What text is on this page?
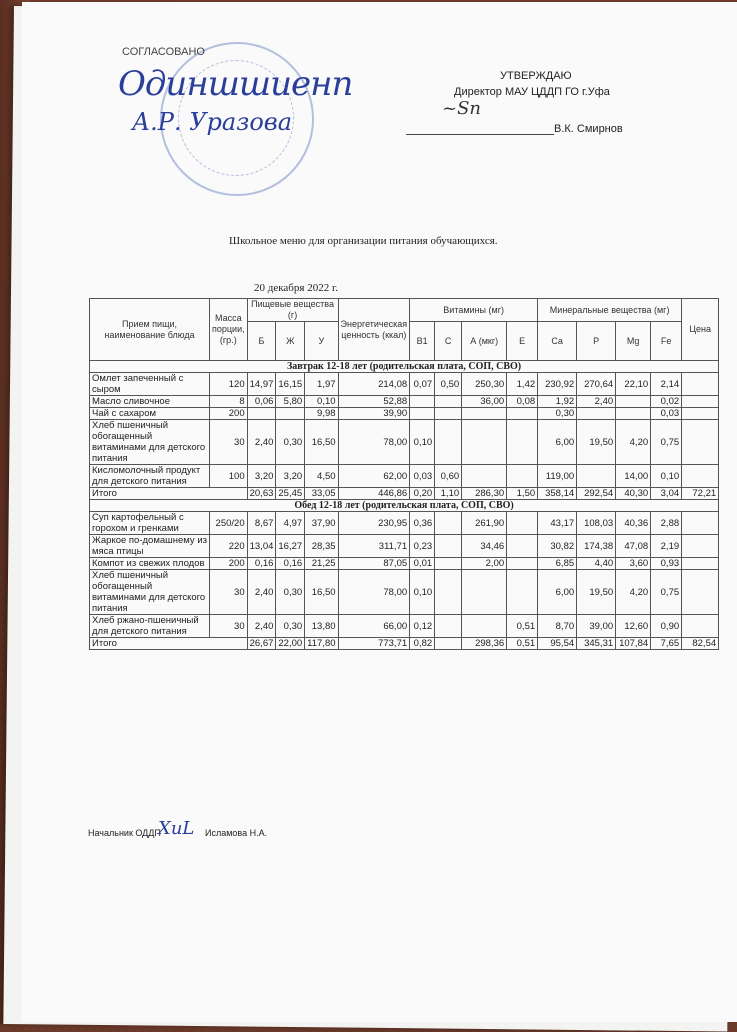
СОГЛАСОВАНО
Одиншшиенп
А.Р. Уразова
УТВЕРЖДАЮ
Директор МАУ ЦДДП ГО г.Уфа
~Sn
В.К. Смирнов
Школьное меню для организации питания обучающихся.
20 декабря 2022 г.
Прием пищи, наименование блюда	Масса порции, (гр.)	Пищевые вещества (г)			Энергетическая ценность (ккал)	Витамины (мг)				Минеральные вещества (мг)				Цена
		Б	Ж	У		B1	С	А (мкг)	Е	Са	Р	Mg	Fe	
Завтрак 12-18 лет (родительская плата, СОП, СВО)														
Омлет запеченный с сыром	120	14,97	16,15	1,97	214,08	0,07	0,50	250,30	1,42	230,92	270,64	22,10	2,14	
Масло сливочное	8	0,06	5,80	0,10	52,88			36,00	0,08	1,92	2,40		0,02	
Чай с сахаром	200			9,98	39,90					0,30			0,03	
Хлеб пшеничный обогащенный витаминами для детского питания	30	2,40	0,30	16,50	78,00	0,10				6,00	19,50	4,20	0,75	
Кисломолочный продукт для детского питания	100	3,20	3,20	4,50	62,00	0,03	0,60			119,00		14,00	0,10	
Итого		20,63	25,45	33,05	446,86	0,20	1,10	286,30	1,50	358,14	292,54	40,30	3,04	72,21
Обед 12-18 лет (родительская плата, СОП, СВО)														
Суп картофельный с горохом и гренками	250/20	8,67	4,97	37,90	230,95	0,36		261,90		43,17	108,03	40,36	2,88	
Жаркое по-домашнему из мяса птицы	220	13,04	16,27	28,35	311,71	0,23		34,46		30,82	174,38	47,08	2,19	
Компот из свежих плодов	200	0,16	0,16	21,25	87,05	0,01		2,00		6,85	4,40	3,60	0,93	
Хлеб пшеничный обогащенный витаминами для детского питания	30	2,40	0,30	16,50	78,00	0,10				6,00	19,50	4,20	0,75	
Хлеб ржано-пшеничный для детского питания	30	2,40	0,30	13,80	66,00	0,12			0,51	8,70	39,00	12,60	0,90	
Итого		26,67	22,00	117,80	773,71	0,82		298,36	0,51	95,54	345,31	107,84	7,65	82,54
Начальник ОДДП
ХиL Исламова Н.А.
